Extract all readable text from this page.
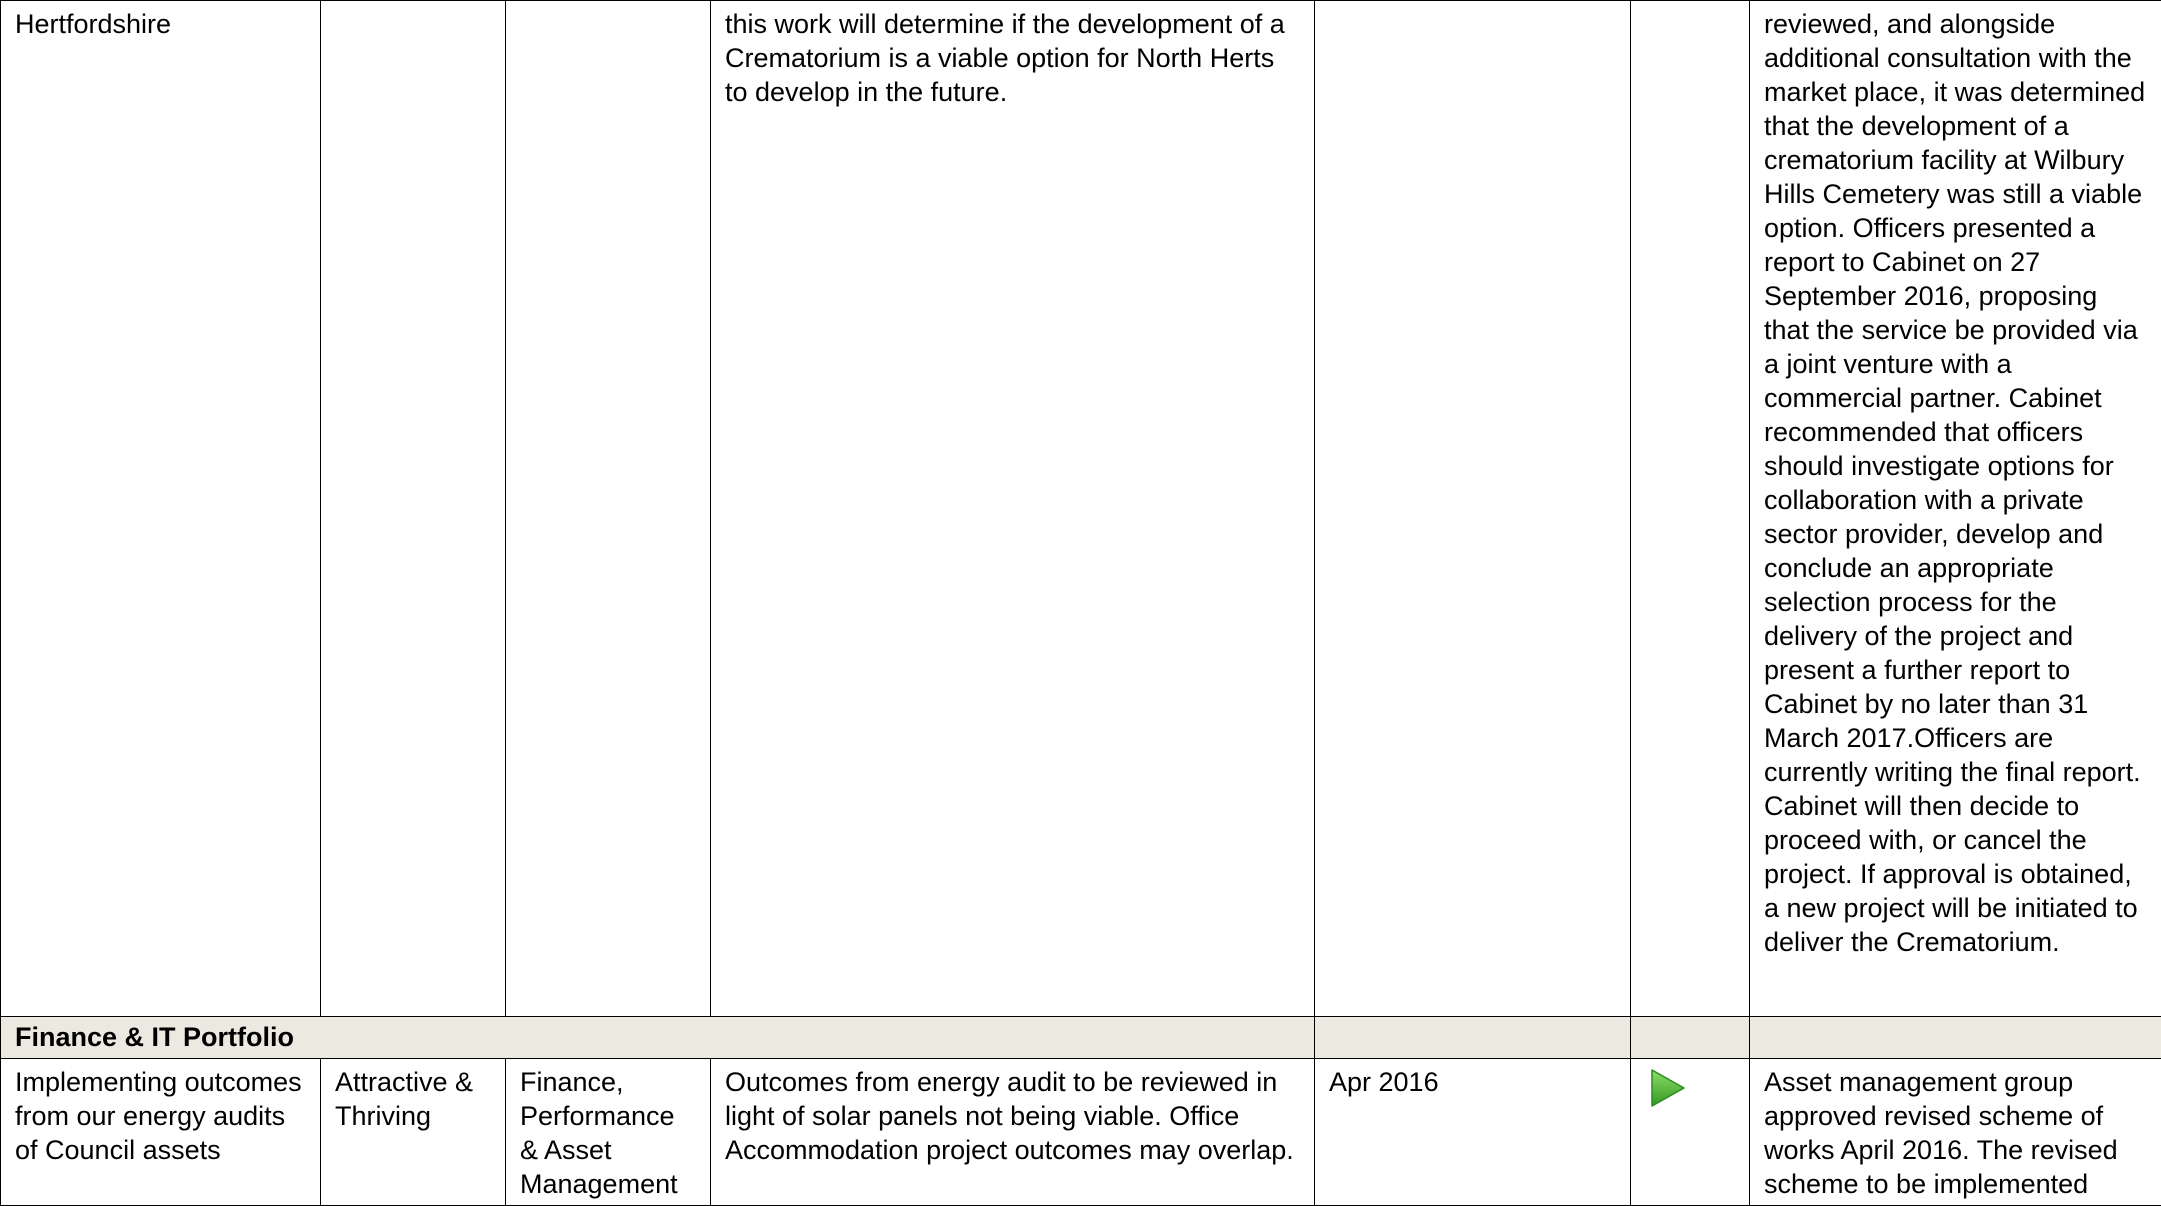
Hertfordshire			this work will determine if the development of a Crematorium is a viable option for North Herts to develop in the future.			reviewed, and alongside additional consultation with the market place, it was determined that the development of a crematorium facility at Wilbury Hills Cemetery was still a viable option. Officers presented a report to Cabinet on 27 September 2016, proposing that the service be provided via a joint venture with a commercial partner. Cabinet recommended that officers should investigate options for collaboration with a private sector provider, develop and conclude an appropriate selection process for the delivery of the project and present a further report to Cabinet by no later than 31 March 2017.Officers are currently writing the final report. Cabinet will then decide to proceed with, or cancel the project. If approval is obtained, a new project will be initiated to deliver the Crematorium.
Finance & IT Portfolio						
Implementing outcomes from our energy audits of Council assets	Attractive & Thriving	Finance, Performance & Asset Management	Outcomes from energy audit to be reviewed in light of solar panels not being viable. Office Accommodation project outcomes may overlap.	Apr 2016		Asset management group approved revised scheme of works April 2016. The revised scheme to be implemented
